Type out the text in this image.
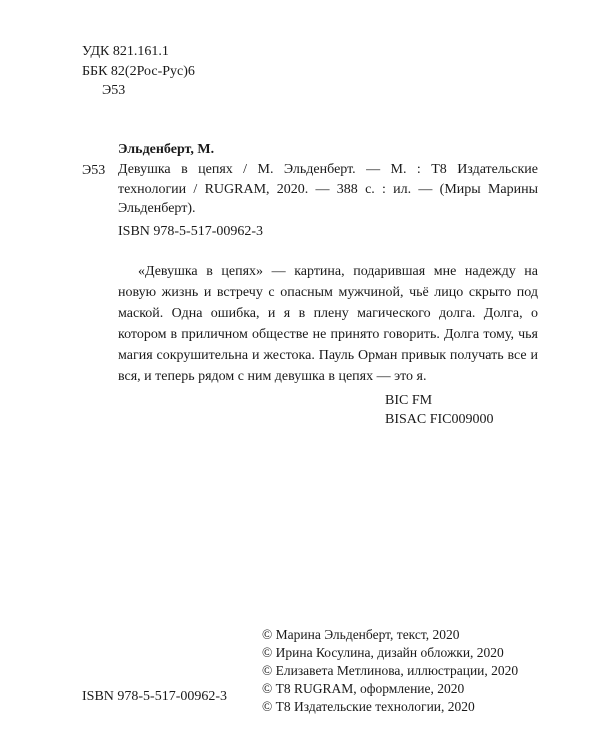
УДК 821.161.1
ББК 82(2Рос-Рус)6
Э53
Эльденберт, М.
Э53 Девушка в цепях / М. Эльденберт. — М. : Т8 Издательские технологии / RUGRAM, 2020. — 388 с. : ил. — (Миры Марины Эльденберт).
ISBN 978-5-517-00962-3
«Девушка в цепях» — картина, подарившая мне надежду на новую жизнь и встречу с опасным мужчиной, чьё лицо скрыто под маской. Одна ошибка, и я в плену магического долга. Долга, о котором в приличном обществе не принято говорить. Долга тому, чья магия сокрушительна и жестока. Пауль Орман привык получать все и вся, и теперь рядом с ним девушка в цепях — это я.
BIC FM
BISAC FIC009000
ISBN 978-5-517-00962-3
© Марина Эльденберт, текст, 2020
© Ирина Косулина, дизайн обложки, 2020
© Елизавета Метлинова, иллюстрации, 2020
© Т8 RUGRAM, оформление, 2020
© Т8 Издательские технологии, 2020
